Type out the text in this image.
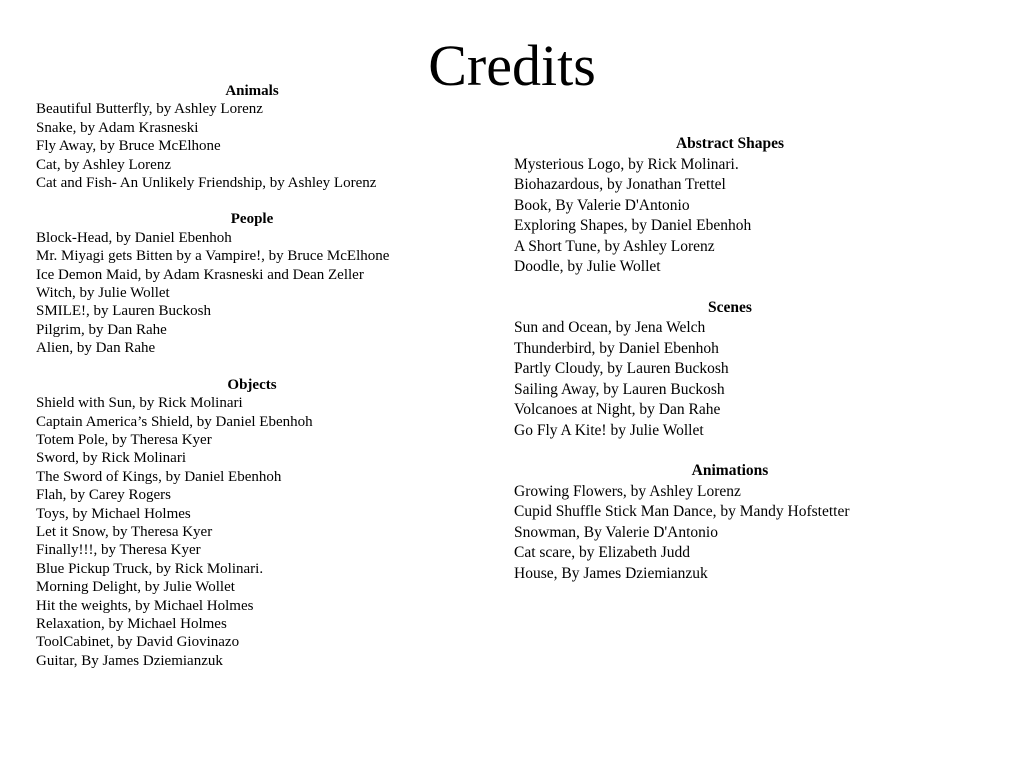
Credits
Animals
Beautiful Butterfly, by Ashley Lorenz
Snake, by Adam Krasneski
Fly Away, by Bruce McElhone
Cat, by Ashley Lorenz
Cat and Fish- An Unlikely Friendship, by Ashley Lorenz
People
Block-Head, by Daniel Ebenhoh
Mr. Miyagi gets Bitten by a Vampire!, by Bruce McElhone
Ice Demon Maid, by Adam Krasneski and Dean Zeller
Witch, by Julie Wollet
SMILE!, by Lauren Buckosh
Pilgrim, by Dan Rahe
Alien, by Dan Rahe
Objects
Shield with Sun, by Rick Molinari
Captain America’s Shield, by Daniel Ebenhoh
Totem Pole, by Theresa Kyer
Sword, by Rick Molinari
The Sword of Kings, by Daniel Ebenhoh
Flah, by Carey Rogers
Toys, by Michael Holmes
Let it Snow, by Theresa Kyer
Finally!!!, by Theresa Kyer
Blue Pickup Truck, by Rick Molinari.
Morning Delight, by Julie Wollet
Hit the weights, by Michael Holmes
Relaxation, by Michael Holmes
ToolCabinet, by David Giovinazo
Guitar, By James Dziemianzuk
Abstract Shapes
Mysterious Logo, by Rick Molinari.
Biohazardous, by Jonathan Trettel
Book, By Valerie D'Antonio
Exploring Shapes, by Daniel Ebenhoh
A Short Tune, by Ashley Lorenz
Doodle, by Julie Wollet
Scenes
Sun and Ocean, by Jena Welch
Thunderbird, by Daniel Ebenhoh
Partly Cloudy, by Lauren Buckosh
Sailing Away, by Lauren Buckosh
Volcanoes at Night, by Dan Rahe
Go Fly A Kite! by Julie Wollet
Animations
Growing Flowers, by Ashley Lorenz
Cupid Shuffle Stick Man Dance, by Mandy Hofstetter
Snowman, By Valerie D'Antonio
Cat scare, by Elizabeth Judd
House, By James Dziemianzuk
